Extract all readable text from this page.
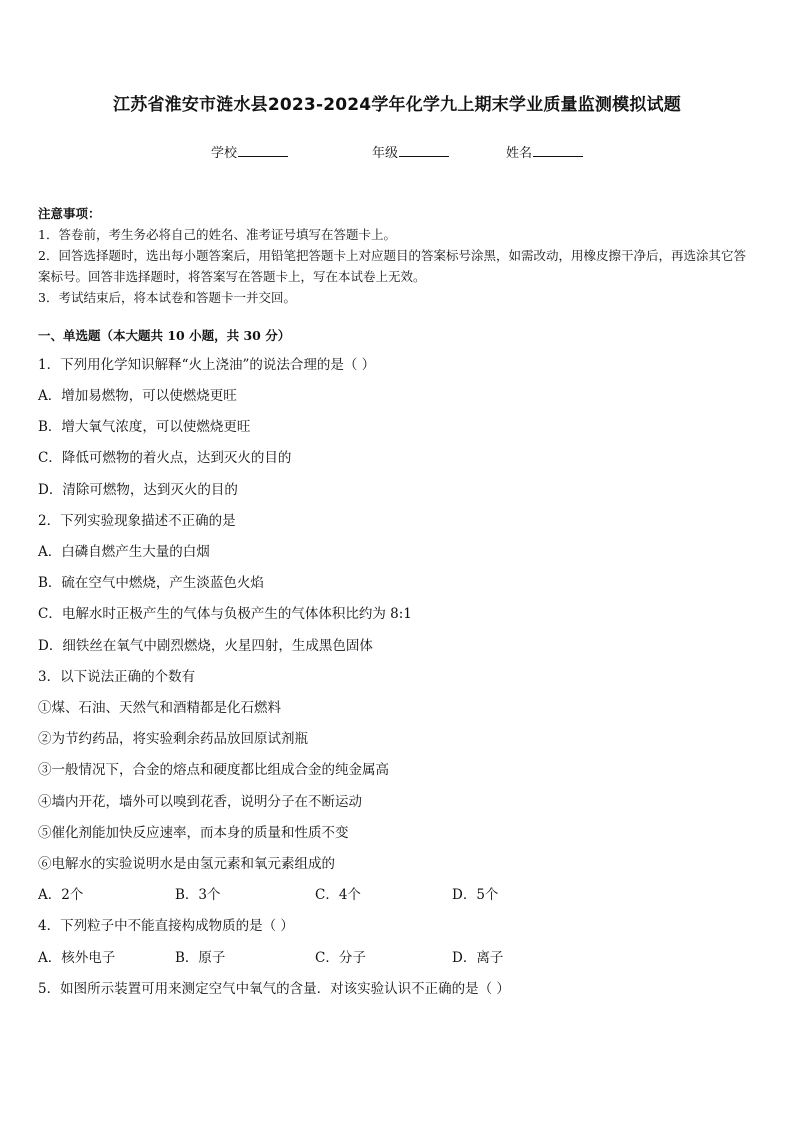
江苏省淮安市涟水县2023-2024学年化学九上期末学业质量监测模拟试题
学校	年级	姓名

注意事项：

1．答卷前，考生务必将自己的姓名、准考证号填写在答题卡上。

2．回答选择题时，选出每小题答案后，用铅笔把答题卡上对应题目的答案标号涂黑，如需改动，用橡皮擦干净后，再选涂其它答案标号。回答非选择题时，将答案写在答题卡上，写在本试卷上无效。

3．考试结束后，将本试卷和答题卡一并交回。

一、单选题（本大题共 10 小题，共 30 分）
1．下列用化学知识解释“火上浇油”的说法合理的是（ ）
A．增加易燃物，可以使燃烧更旺
B．增大氧气浓度，可以使燃烧更旺
C．降低可燃物的着火点，达到灭火的目的
D．清除可燃物，达到灭火的目的
2．下列实验现象描述不正确的是
A．白磷自燃产生大量的白烟
B．硫在空气中燃烧，产生淡蓝色火焰
C．电解水时正极产生的气体与负极产生的气体体积比约为 8:1
D．细铁丝在氧气中剧烈燃烧，火星四射，生成黑色固体
3．以下说法正确的个数有
①煤、石油、天然气和酒精都是化石燃料
②为节约药品，将实验剩余药品放回原试剂瓶
③一般情况下，合金的熔点和硬度都比组成合金的纯金属高
④墙内开花，墙外可以嗅到花香，说明分子在不断运动
⑤催化剂能加快反应速率，而本身的质量和性质不变
⑥电解水的实验说明水是由氢元素和氧元素组成的
A．2个	B．3个	C．4个	D．5个
4．下列粒子中不能直接构成物质的是（ ）
A．核外电子	B．原子	C．分子	D．离子
5．如图所示装置可用来测定空气中氧气的含量．对该实验认识不正确的是（ ）
